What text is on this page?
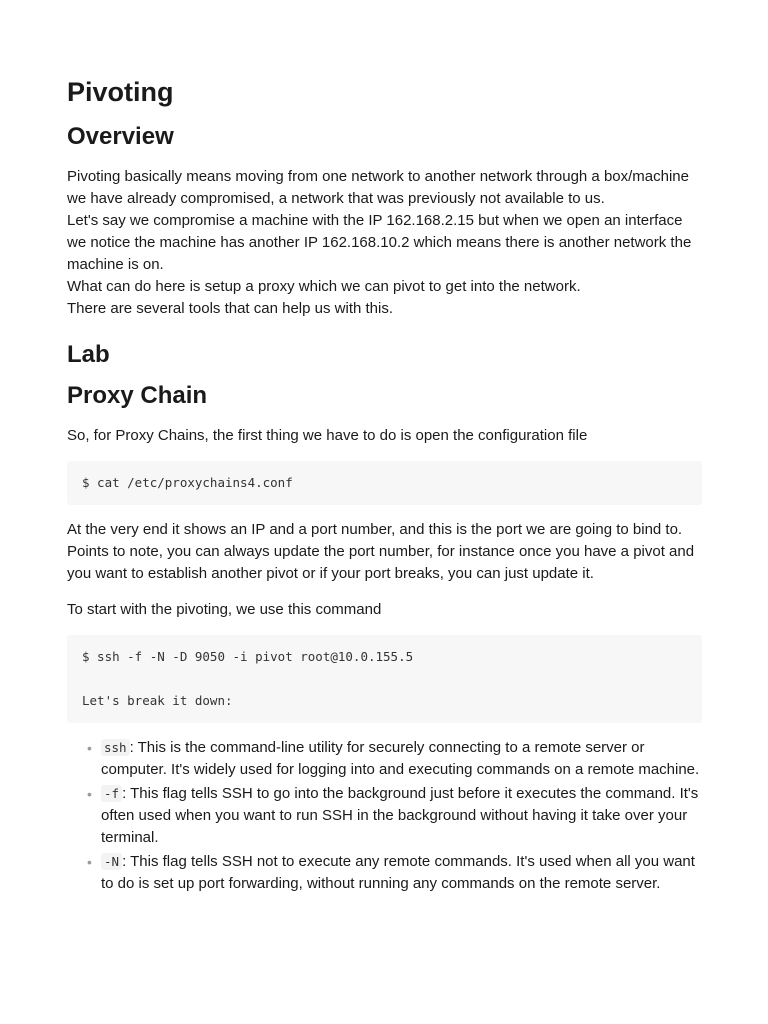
Pivoting
Overview

Pivoting basically means moving from one network to another network through a box/machine we have already compromised, a network that was previously not available to us.

Let's say we compromise a machine with the IP 162.168.2.15 but when we open an interface we notice the machine has another IP 162.168.10.2 which means there is another network the machine is on.

What can do here is setup a proxy which we can pivot to get into the network.

There are several tools that can help us with this.

Lab
Proxy Chain

So, for Proxy Chains, the first thing we have to do is open the configuration file

$ cat /etc/proxychains4.conf

At the very end it shows an IP and a port number, and this is the port we are going to bind to.

Points to note, you can always update the port number, for instance once you have a pivot and you want to establish another pivot or if your port breaks, you can just update it.

To start with the pivoting, we use this command

$ ssh -f -N -D 9050 -i pivot root@10.0.155.5
Let's break it down:
• ssh : This is the command-line utility for securely connecting to a remote server or computer. It's widely used for logging into and executing commands on a remote machine.
• -f : This flag tells SSH to go into the background just before it executes the command. It's often used when you want to run SSH in the background without having it take over your terminal.
• -N : This flag tells SSH not to execute any remote commands. It's used when all you want to do is set up port forwarding, without running any commands on the remote server.
